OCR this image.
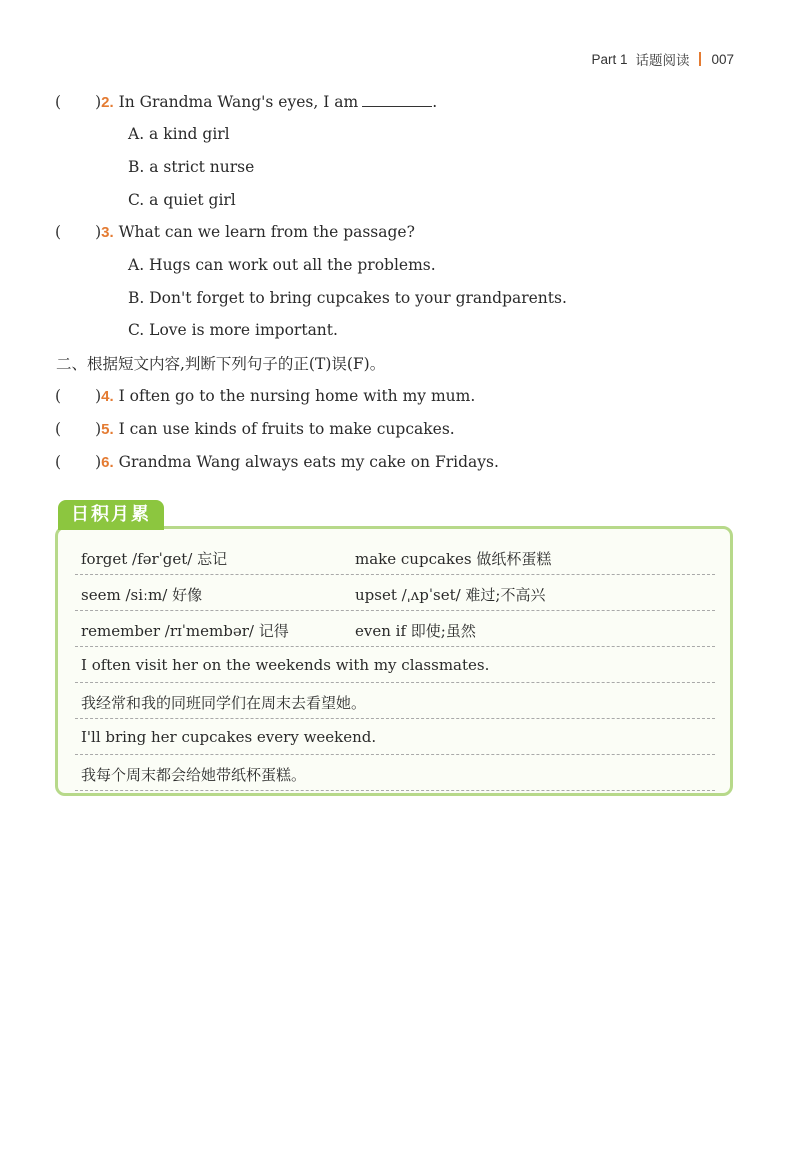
Part 1 话题阅读 007
( )2. In Grandma Wang's eyes, I am	.
A. a kind girl
B. a strict nurse
C. a quiet girl
( )3. What can we learn from the passage?
A. Hugs can work out all the problems.
B. Don't forget to bring cupcakes to your grandparents.
C. Love is more important.
二、根据短文内容,判断下列句子的正(T)误(F)。
( )4. I often go to the nursing home with my mum.
( )5. I can use kinds of fruits to make cupcakes.
( )6. Grandma Wang always eats my cake on Fridays.
forget /fərˈget/ 忘记	make cupcakes 做纸杯蛋糕
seem /siːm/ 好像	upset /ˌʌpˈset/ 难过;不高兴
remember /rɪˈmembər/ 记得	even if 即使;虽然
I often visit her on the weekends with my classmates.
我经常和我的同班同学们在周末去看望她。
I'll bring her cupcakes every weekend.
我每个周末都会给她带纸杯蛋糕。
日积月累
